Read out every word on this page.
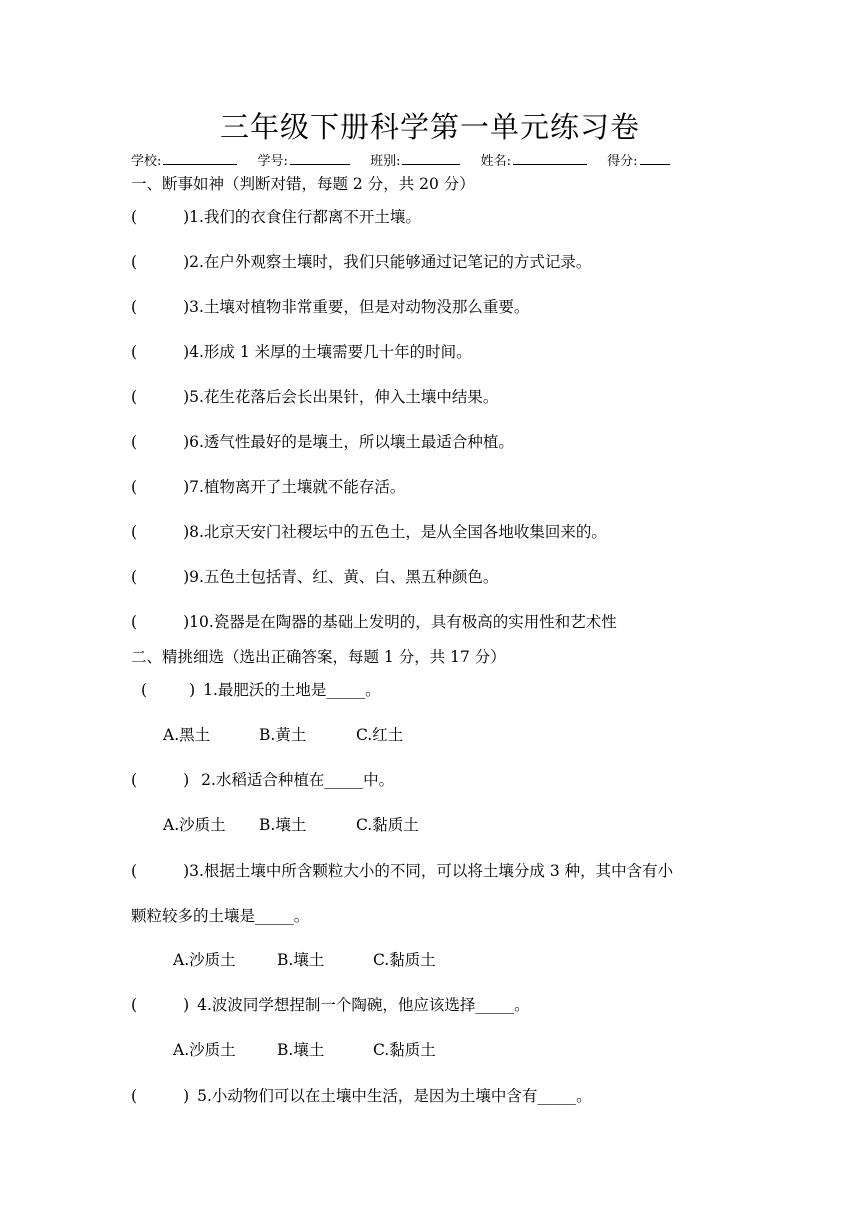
三年级下册科学第一单元练习卷
学校:	学号:	班别:	姓名:	得分:
一、断事如神（判断对错，每题 2 分，共 20 分）
(	)1.我们的衣食住行都离不开土壤。
(	)2.在户外观察土壤时，我们只能够通过记笔记的方式记录。
(	)3.土壤对植物非常重要，但是对动物没那么重要。
(	)4.形成 1 米厚的土壤需要几十年的时间。
(	)5.花生花落后会长出果针，伸入土壤中结果。
(	)6.透气性最好的是壤土，所以壤土最适合种植。
(	)7.植物离开了土壤就不能存活。
(	)8.北京天安门社稷坛中的五色土，是从全国各地收集回来的。
(	)9.五色土包括青、红、黄、白、黑五种颜色。
(	)10.瓷器是在陶器的基础上发明的，具有极高的实用性和艺术性
二、精挑细选（选出正确答案，每题 1 分，共 17 分）
(	) 1.最肥沃的土地是_____。
A.黑土	B.黄土	C.红土
(	) 2.水稻适合种植在_____中。
A.沙质土 B.壤土	C.黏质土
(	)3.根据土壤中所含颗粒大小的不同，可以将土壤分成 3 种，其中含有小
颗粒较多的土壤是_____。
A.沙质土	B.壤土	C.黏质土
(	) 4.波波同学想捏制一个陶碗，他应该选择_____。
A.沙质土	B.壤土	C.黏质土
(	) 5.小动物们可以在土壤中生活，是因为土壤中含有_____。
